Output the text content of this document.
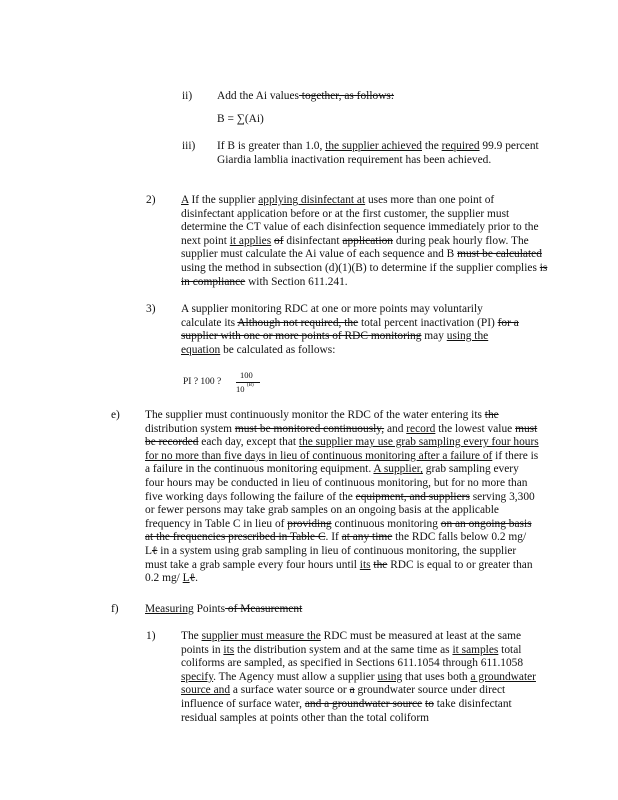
ii) Add the Ai values together, as follows:

B = ∑(Ai)

iii) If B is greater than 1.0, the supplier achieved the required 99.9 percent Giardia lamblia inactivation requirement has been achieved.

2) A If the supplier applying disinfectant at uses more than one point of disinfectant application before or at the first customer, the supplier must determine the CT value of each disinfection sequence immediately prior to the next point it applies of disinfectant application during peak hourly flow. The supplier must calculate the Ai value of each sequence and B must be calculated using the method in subsection (d)(1)(B) to determine if the supplier complies is in compliance with Section 611.241.

3) A supplier monitoring RDC at one or more points may voluntarily calculate its Although not required, the total percent inactivation (PI) for a supplier with one or more points of RDC monitoring may using the equation be calculated as follows:

PI ? 100 ?
100
10 (B)
e) The supplier must continuously monitor the RDC of the water entering its the distribution system must be monitored continuously, and record the lowest value must be recorded each day, except that the supplier may use grab sampling every four hours for no more than five days in lieu of continuous monitoring after a failure of if there is a failure in the continuous monitoring equipment. A supplier, grab sampling every four hours may be conducted in lieu of continuous monitoring, but for no more than five working days following the failure of the equipment, and suppliers serving 3,300 or fewer persons may take grab samples on an ongoing basis at the applicable frequency in Table C in lieu of providing continuous monitoring on an ongoing basis at the frequencies prescribed in Table C. If at any time the RDC falls below 0.2 mg/ Lℓ in a system using grab sampling in lieu of continuous monitoring, the supplier must take a grab sample every four hours until its the RDC is equal to or greater than 0.2 mg/ Lℓ.

f) Measuring Points of Measurement

1) The supplier must measure the RDC must be measured at least at the same points in its the distribution system and at the same time as it samples total coliforms are sampled, as specified in Sections 611.1054 through 611.1058 specify. The Agency must allow a supplier using that uses both a groundwater source and a surface water source or a groundwater source under direct influence of surface water, and a groundwater source to take disinfectant residual samples at points other than the total coliform
